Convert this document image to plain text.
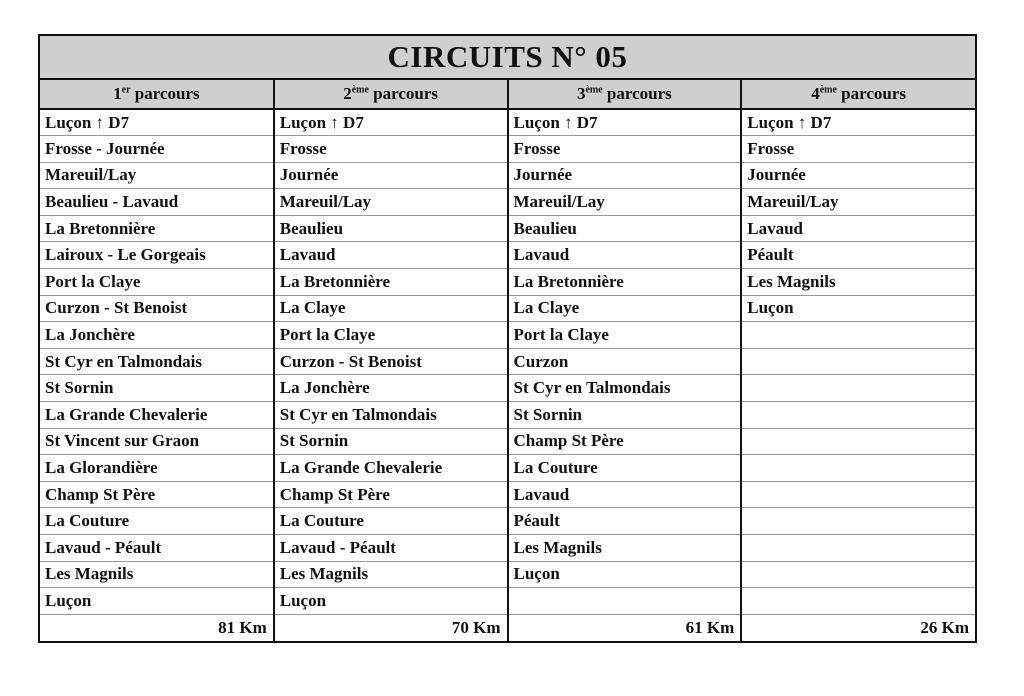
CIRCUITS N° 05
1er parcours	2ème parcours	3ème parcours	4ème parcours
Luçon ↑ D7	Luçon ↑ D7	Luçon ↑ D7	Luçon ↑ D7
Frosse - Journée	Frosse	Frosse	Frosse
Mareuil/Lay	Journée	Journée	Journée
Beaulieu - Lavaud	Mareuil/Lay	Mareuil/Lay	Mareuil/Lay
La Bretonnière	Beaulieu	Beaulieu	Lavaud
Lairoux - Le Gorgeais	Lavaud	Lavaud	Péault
Port la Claye	La Bretonnière	La Bretonnière	Les Magnils
Curzon - St Benoist	La Claye	La Claye	Luçon
La Jonchère	Port la Claye	Port la Claye	
St Cyr en Talmondais	Curzon - St Benoist	Curzon	
St Sornin	La Jonchère	St Cyr en Talmondais	
La Grande Chevalerie	St Cyr en Talmondais	St Sornin	
St Vincent sur Graon	St Sornin	Champ St Père	
La Glorandière	La Grande Chevalerie	La Couture	
Champ St Père	Champ St Père	Lavaud	
La Couture	La Couture	Péault	
Lavaud - Péault	Lavaud - Péault	Les Magnils	
Les Magnils	Les Magnils	Luçon	
Luçon	Luçon		
81 Km	70 Km	61 Km	26 Km
